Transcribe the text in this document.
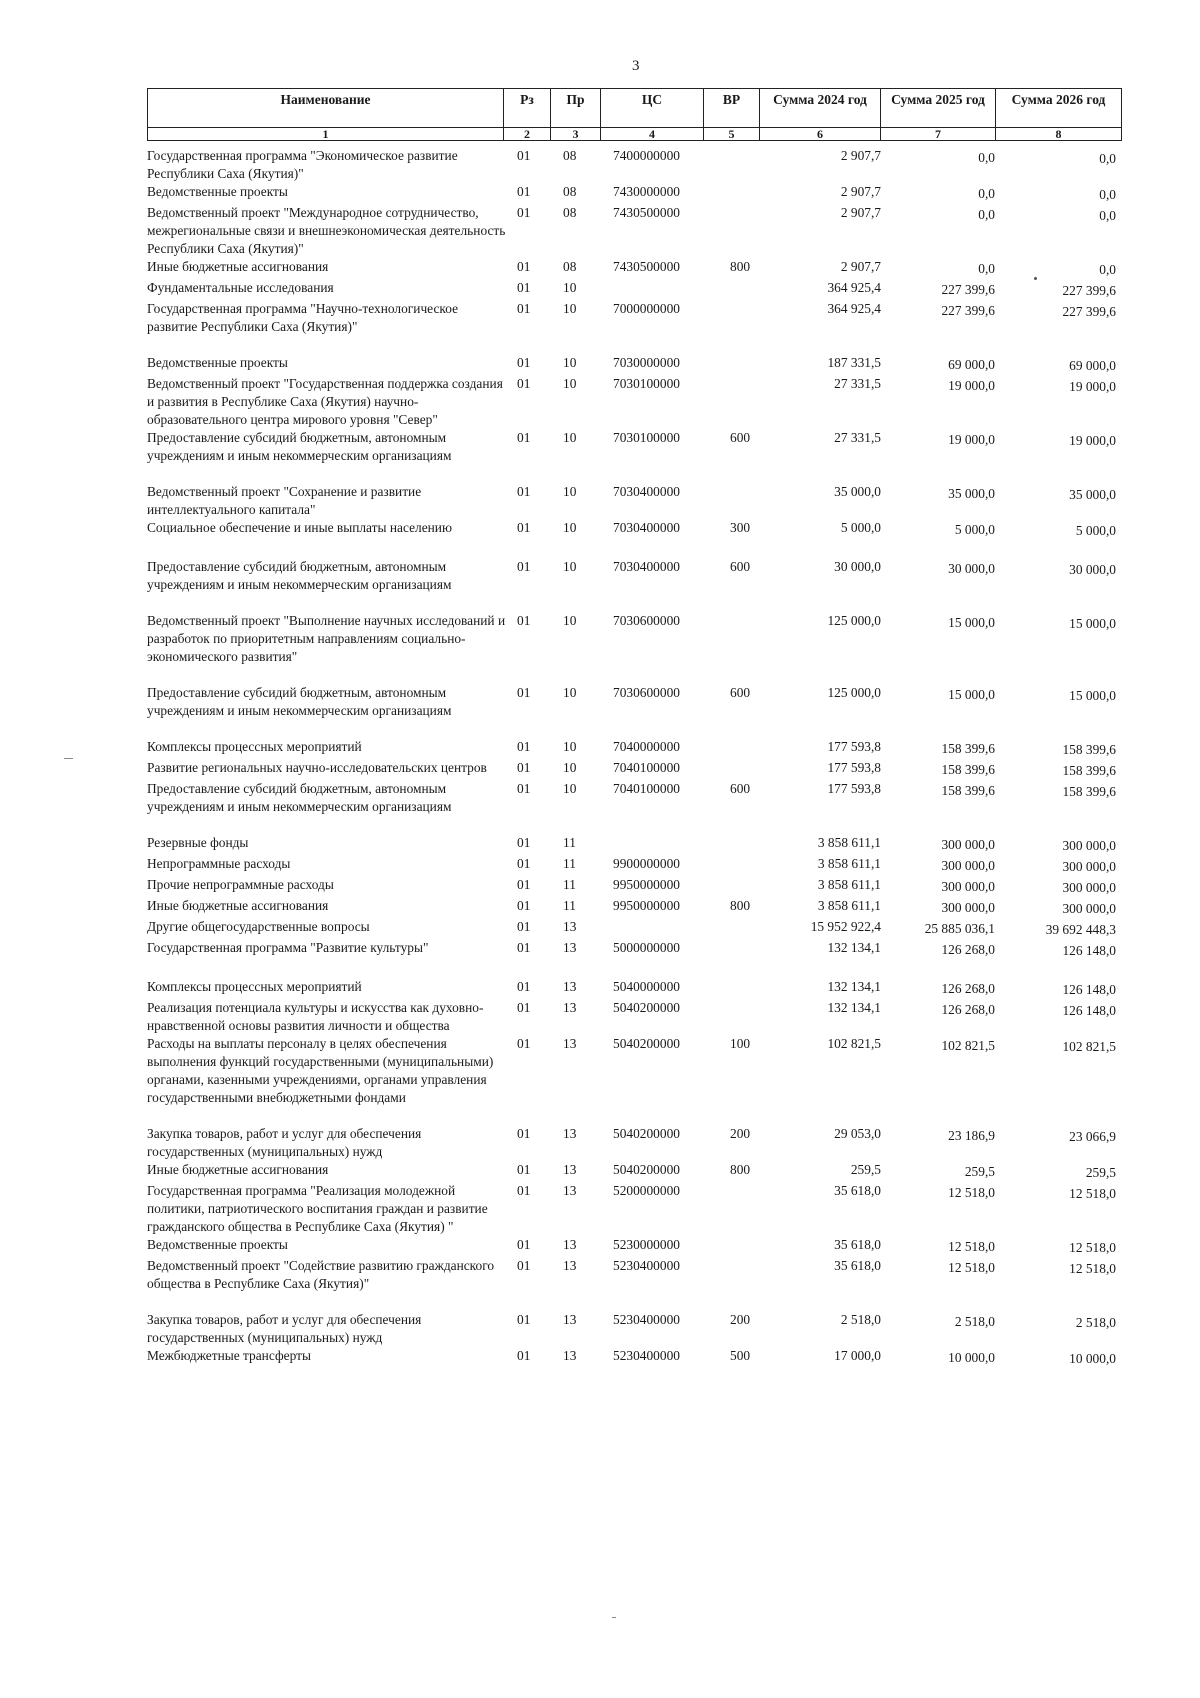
3
Наименование	Рз	Пр	ЦС	ВР	Сумма 2024 год	Сумма 2025 год	Сумма 2026 год
1	2	3	4	5	6	7	8
Государственная программа "Экономическое развитие Республики Саха (Якутия)"	01	08	7400000000		2 907,7	0,0	0,0
Ведомственные проекты	01	08	7430000000		2 907,7	0,0	0,0
Ведомственный проект "Международное сотрудничество, межрегиональные связи и внешнеэкономическая деятельность Республики Саха (Якутия)"	01	08	7430500000		2 907,7	0,0	0,0
Иные бюджетные ассигнования	01	08	7430500000	800	2 907,7	0,0	0,0
Фундаментальные исследования	01	10			364 925,4	227 399,6	227 399,6
Государственная программа "Научно-технологическое развитие Республики Саха (Якутия)"	01	10	7000000000		364 925,4	227 399,6	227 399,6
Ведомственные проекты	01	10	7030000000		187 331,5	69 000,0	69 000,0
Ведомственный проект "Государственная поддержка создания и развития в Республике Саха (Якутия) научно-образовательного центра мирового уровня "Север"	01	10	7030100000		27 331,5	19 000,0	19 000,0
Предоставление субсидий бюджетным, автономным учреждениям и иным некоммерческим организациям	01	10	7030100000	600	27 331,5	19 000,0	19 000,0
Ведомственный проект "Сохранение и развитие интеллектуального капитала"	01	10	7030400000		35 000,0	35 000,0	35 000,0
Социальное обеспечение и иные выплаты населению	01	10	7030400000	300	5 000,0	5 000,0	5 000,0
Предоставление субсидий бюджетным, автономным учреждениям и иным некоммерческим организациям	01	10	7030400000	600	30 000,0	30 000,0	30 000,0
Ведомственный проект "Выполнение научных исследований и разработок по приоритетным направлениям социально-экономического развития"	01	10	7030600000		125 000,0	15 000,0	15 000,0
Предоставление субсидий бюджетным, автономным учреждениям и иным некоммерческим организациям	01	10	7030600000	600	125 000,0	15 000,0	15 000,0
Комплексы процессных мероприятий	01	10	7040000000		177 593,8	158 399,6	158 399,6
Развитие региональных научно-исследовательских центров	01	10	7040100000		177 593,8	158 399,6	158 399,6
Предоставление субсидий бюджетным, автономным учреждениям и иным некоммерческим организациям	01	10	7040100000	600	177 593,8	158 399,6	158 399,6
Резервные фонды	01	11			3 858 611,1	300 000,0	300 000,0
Непрограммные расходы	01	11	9900000000		3 858 611,1	300 000,0	300 000,0
Прочие непрограммные расходы	01	11	9950000000		3 858 611,1	300 000,0	300 000,0
Иные бюджетные ассигнования	01	11	9950000000	800	3 858 611,1	300 000,0	300 000,0
Другие общегосударственные вопросы	01	13			15 952 922,4	25 885 036,1	39 692 448,3
Государственная программа "Развитие культуры"	01	13	5000000000		132 134,1	126 268,0	126 148,0
Комплексы процессных мероприятий	01	13	5040000000		132 134,1	126 268,0	126 148,0
Реализация потенциала культуры и искусства как духовно-нравственной основы развития личности и общества	01	13	5040200000		132 134,1	126 268,0	126 148,0
Расходы на выплаты персоналу в целях обеспечения выполнения функций государственными (муниципальными) органами, казенными учреждениями, органами управления государственными внебюджетными фондами	01	13	5040200000	100	102 821,5	102 821,5	102 821,5
Закупка товаров, работ и услуг для обеспечения государственных (муниципальных) нужд	01	13	5040200000	200	29 053,0	23 186,9	23 066,9
Иные бюджетные ассигнования	01	13	5040200000	800	259,5	259,5	259,5
Государственная программа "Реализация молодежной политики, патриотического воспитания граждан и развитие гражданского общества в Республике Саха (Якутия) "	01	13	5200000000		35 618,0	12 518,0	12 518,0
Ведомственные проекты	01	13	5230000000		35 618,0	12 518,0	12 518,0
Ведомственный проект "Содействие развитию гражданского общества в Республике Саха (Якутия)"	01	13	5230400000		35 618,0	12 518,0	12 518,0
Закупка товаров, работ и услуг для обеспечения государственных (муниципальных) нужд	01	13	5230400000	200	2 518,0	2 518,0	2 518,0
Межбюджетные трансферты	01	13	5230400000	500	17 000,0	10 000,0	10 000,0
